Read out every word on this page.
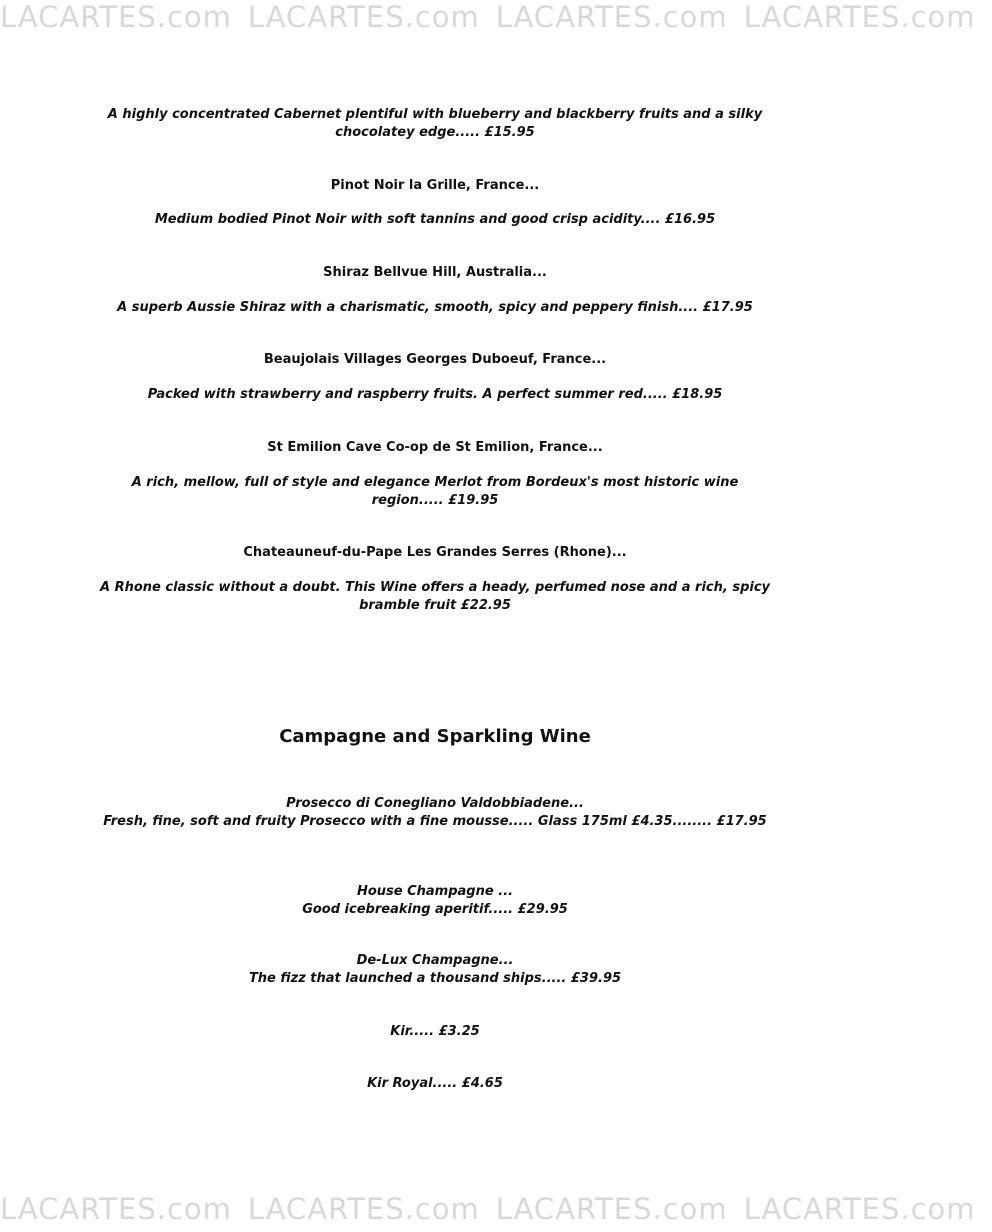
LACARTES.com LACARTES.com LACARTES.com LACARTES.com

A highly concentrated Cabernet plentiful with blueberry and blackberry fruits and a silky chocolatey edge..... £15.95

Pinot Noir la Grille, France...

Medium bodied Pinot Noir with soft tannins and good crisp acidity.... £16.95

Shiraz Bellvue Hill, Australia...

A superb Aussie Shiraz with a charismatic, smooth, spicy and peppery finish.... £17.95

Beaujolais Villages Georges Duboeuf, France...

Packed with strawberry and raspberry fruits. A perfect summer red..... £18.95

St Emilion Cave Co-op de St Emilion, France...

A rich, mellow, full of style and elegance Merlot from Bordeux's most historic wine region..... £19.95

Chateauneuf-du-Pape Les Grandes Serres (Rhone)...

A Rhone classic without a doubt. This Wine offers a heady, perfumed nose and a rich, spicy bramble fruit £22.95

Campagne and Sparkling Wine

Prosecco di Conegliano Valdobbiadene...

Fresh, fine, soft and fruity Prosecco with a fine mousse..... Glass 175ml £4.35........ £17.95

House Champagne ...

Good icebreaking aperitif..... £29.95

De-Lux Champagne...

The fizz that launched a thousand ships..... £39.95

Kir..... £3.25

Kir Royal..... £4.65

LACARTES.com LACARTES.com LACARTES.com LACARTES.com
